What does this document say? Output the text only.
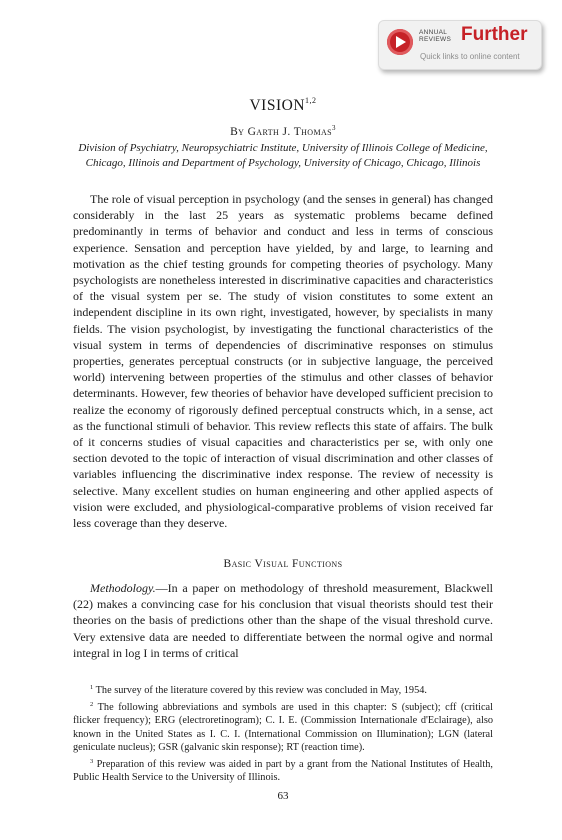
ANNUAL
REVIEWS Further
Quick links to online content
VISION$^{1,2}$
By Garth J. Thomas$^3$
Division of Psychiatry, Neuropsychiatric Institute, University of Illinois College of Medicine, Chicago, Illinois and Department of Psychology, University of Chicago, Chicago, Illinois

The role of visual perception in psychology (and the senses in general) has changed considerably in the last 25 years as systematic problems became defined predominantly in terms of behavior and conduct and less in terms of conscious experience. Sensation and perception have yielded, by and large, to learning and motivation as the chief testing grounds for competing theories of psychology. Many psychologists are nonetheless interested in discriminative capacities and characteristics of the visual system per se. The study of vision constitutes to some extent an independent discipline in its own right, investigated, however, by specialists in many fields. The vision psychologist, by investigating the functional characteristics of the visual system in terms of dependencies of discriminative responses on stimulus properties, generates perceptual constructs (or in subjective language, the perceived world) intervening between properties of the stimulus and other classes of behavior determinants. However, few theories of behavior have developed sufficient precision to realize the economy of rigorously defined perceptual constructs which, in a sense, act as the functional stimuli of behavior. This review reflects this state of affairs. The bulk of it concerns studies of visual capacities and characteristics per se, with only one section devoted to the topic of interaction of visual discrimination and other classes of variables influencing the discriminative index response. The review of necessity is selective. Many excellent studies on human engineering and other applied aspects of vision were excluded, and physiological-comparative problems of vision received far less coverage than they deserve.

Basic Visual Functions

Methodology.—In a paper on methodology of threshold measurement, Blackwell (22) makes a convincing case for his conclusion that visual theorists should test their theories on the basis of predictions other than the shape of the visual threshold curve. Very extensive data are needed to differentiate between the normal ogive and normal integral in log I in terms of critical

$^1$ The survey of the literature covered by this review was concluded in May, 1954.

$^2$ The following abbreviations and symbols are used in this chapter: S (subject); cff (critical flicker frequency); ERG (electroretinogram); C. I. E. (Commission Internationale d'Eclairage), also known in the United States as I. C. I. (International Commission on Illumination); LGN (lateral geniculate nucleus); GSR (galvanic skin response); RT (reaction time).

$^3$ Preparation of this review was aided in part by a grant from the National Institutes of Health, Public Health Service to the University of Illinois.

63
